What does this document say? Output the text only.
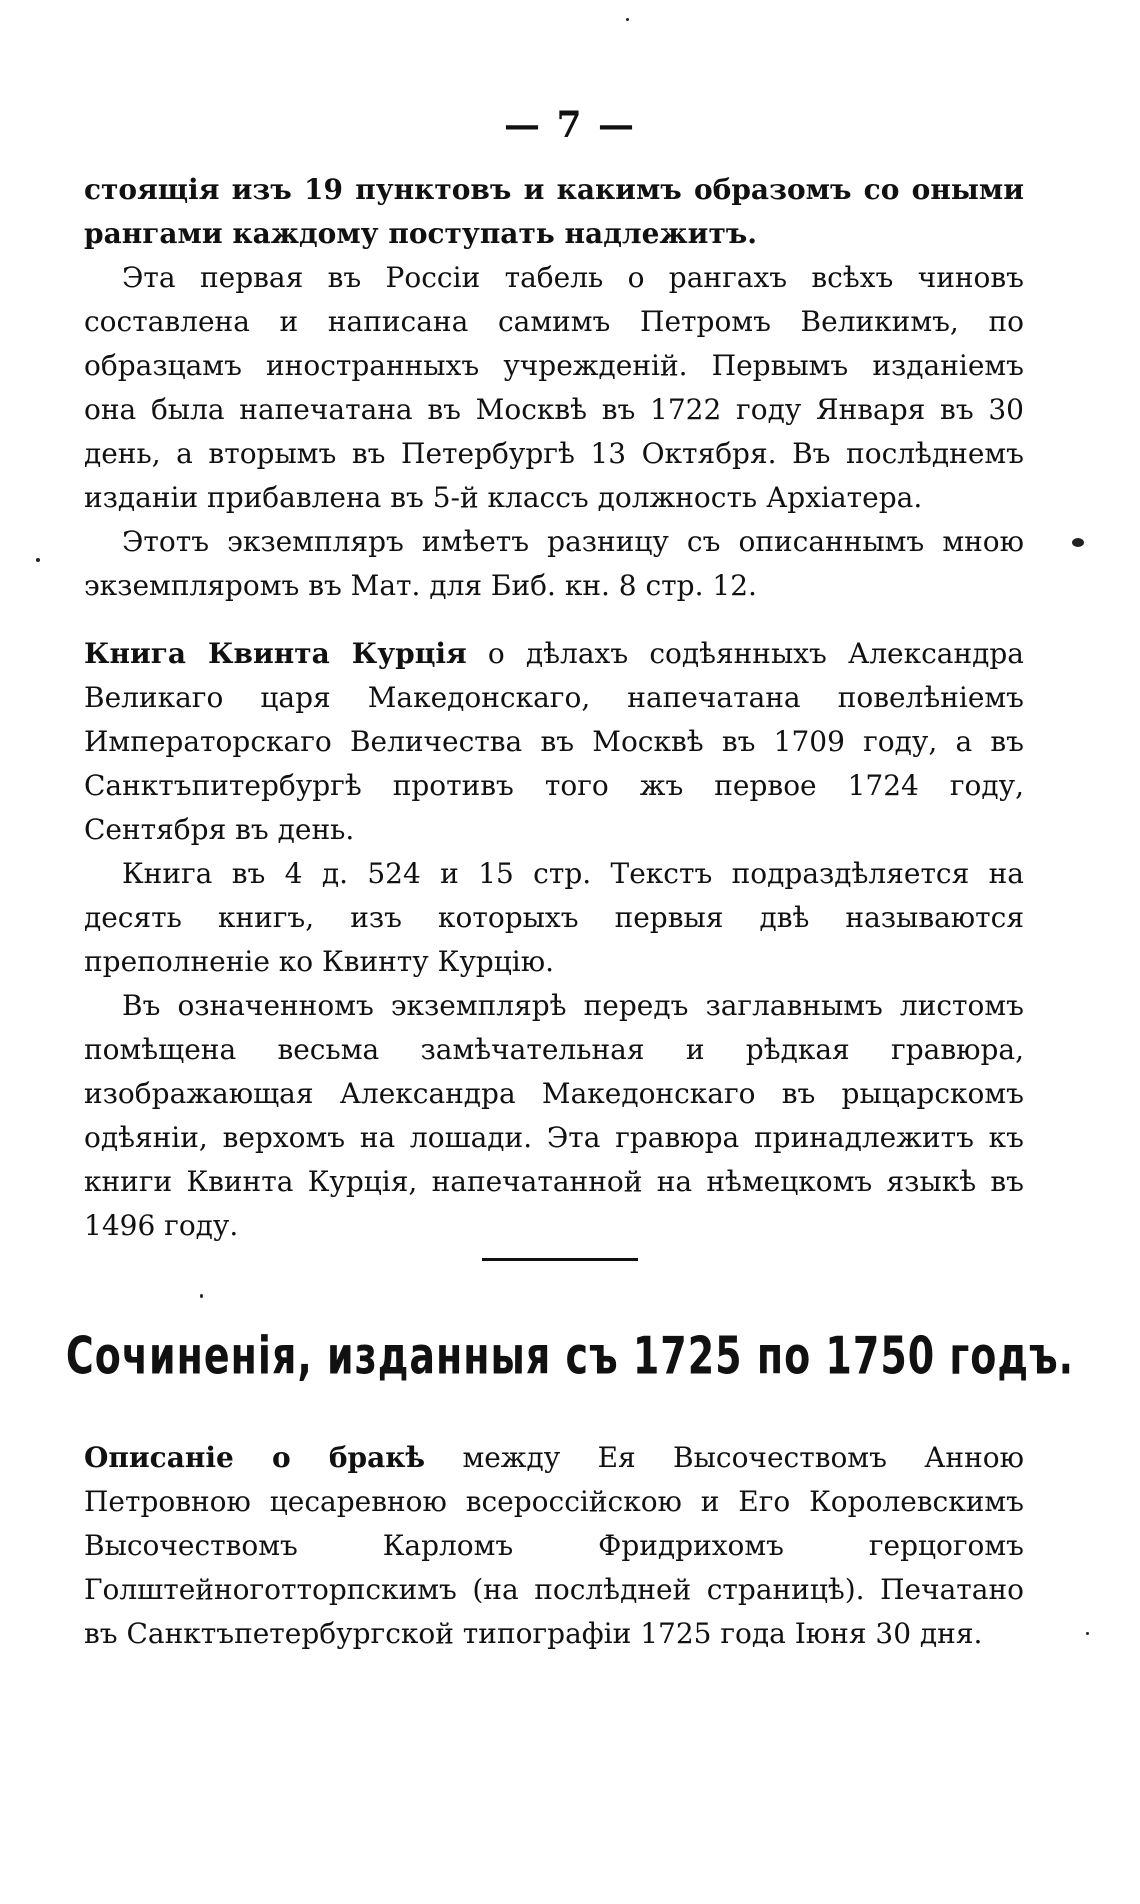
— 7 —

стоящія изъ 19 пунктовъ и какимъ образомъ со оными рангами каждому поступать надлежитъ.

Эта первая въ Россіи табель о рангахъ всѣхъ чиновъ составлена и написана самимъ Петромъ Великимъ, по образцамъ иностранныхъ учрежденій. Первымъ изданіемъ она была напечатана въ Москвѣ въ 1722 году Января въ 30 день, а вторымъ въ Петербургѣ 13 Октября. Въ послѣднемъ изданіи прибавлена въ 5-й классъ должность Архіатера.

Этотъ экземпляръ имѣетъ разницу съ описаннымъ мною экземпляромъ въ Мат. для Биб. кн. 8 стр. 12.

Книга Квинта Курція о дѣлахъ содѣянныхъ Александра Великаго царя Македонскаго, напечатана повелѣніемъ Императорскаго Величества въ Москвѣ въ 1709 году, а въ Санктъпитербургѣ противъ того жъ первое 1724 году, Сентября въ день.

Книга въ 4 д. 524 и 15 стр. Текстъ подраздѣляется на десять книгъ, изъ которыхъ первыя двѣ называются преполненіе ко Квинту Курцію.

Въ означенномъ экземплярѣ передъ заглавнымъ листомъ помѣщена весьма замѣчательная и рѣдкая гравюра, изображающая Александра Македонскаго въ рыцарскомъ одѣяніи, верхомъ на лошади. Эта гравюра принадлежитъ къ книги Квинта Курція, напечатанной на нѣмецкомъ языкѣ въ 1496 году.

Сочиненія, изданныя съ 1725 по 1750 годъ.

Описаніе о бракѣ между Ея Высочествомъ Анною Петровною цесаревною всероссійскою и Его Королевскимъ Высочествомъ Карломъ Фридрихомъ герцогомъ Голштейноготторпскимъ (на послѣдней страницѣ). Печатано въ Санктъпетербургской типографіи 1725 года Іюня 30 дня.
